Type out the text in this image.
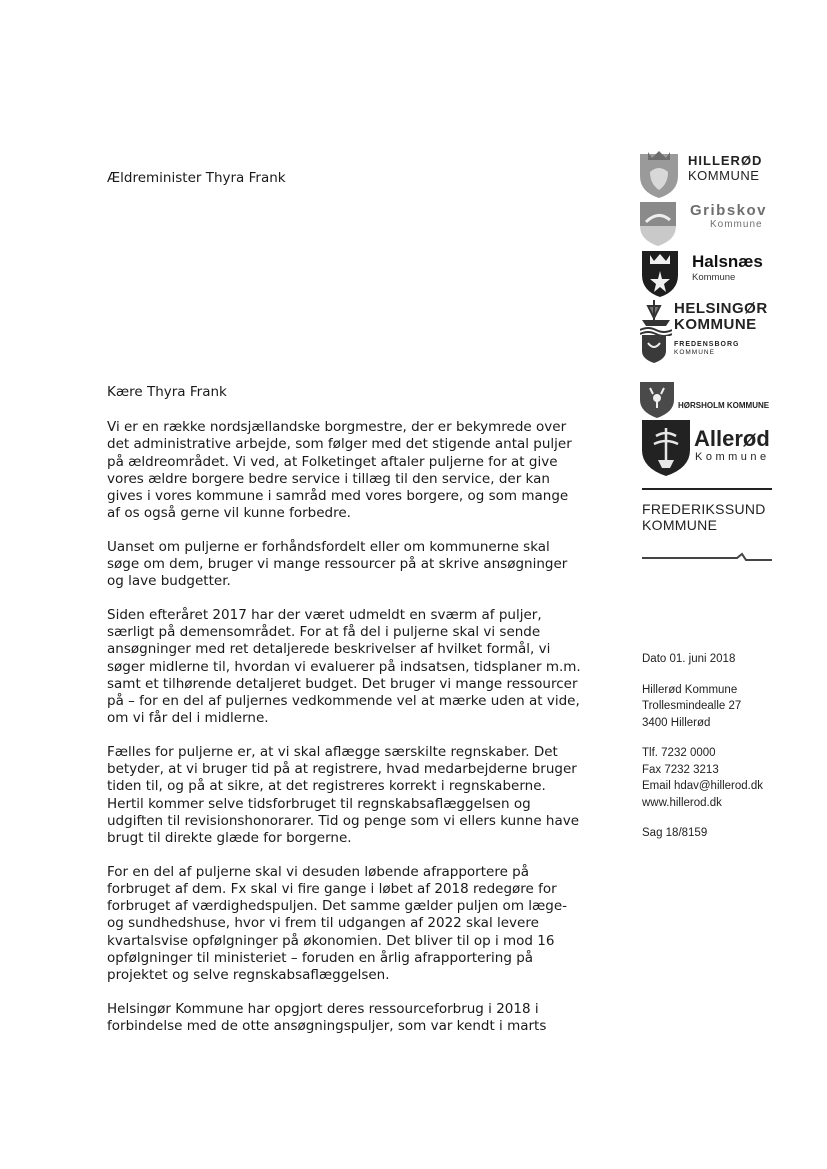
Ældreminister Thyra Frank
HILLERØD
KOMMUNE
Gribskov
Kommune
Halsnæs
Kommune
HELSINGØR
KOMMUNE
FREDENSBORG
KOMMUNE
HØRSHOLM KOMMUNE
Allerød
Kommune
FREDERIKSSUND
KOMMUNE
Kære Thyra Frank

Vi er en række nordsjællandske borgmestre, der er bekymrede over
det administrative arbejde, som følger med det stigende antal puljer
på ældreområdet. Vi ved, at Folketinget aftaler puljerne for at give
vores ældre borgere bedre service i tillæg til den service, der kan
gives i vores kommune i samråd med vores borgere, og som mange
af os også gerne vil kunne forbedre.

Uanset om puljerne er forhåndsfordelt eller om kommunerne skal
søge om dem, bruger vi mange ressourcer på at skrive ansøgninger
og lave budgetter.

Siden efteråret 2017 har der været udmeldt en sværm af puljer,
særligt på demensområdet. For at få del i puljerne skal vi sende
ansøgninger med ret detaljerede beskrivelser af hvilket formål, vi
søger midlerne til, hvordan vi evaluerer på indsatsen, tidsplaner m.m.
samt et tilhørende detaljeret budget. Det bruger vi mange ressourcer
på – for en del af puljernes vedkommende vel at mærke uden at vide,
om vi får del i midlerne.

Fælles for puljerne er, at vi skal aflægge særskilte regnskaber. Det
betyder, at vi bruger tid på at registrere, hvad medarbejderne bruger
tiden til, og på at sikre, at det registreres korrekt i regnskaberne.
Hertil kommer selve tidsforbruget til regnskabsaflæggelsen og
udgiften til revisionshonorarer. Tid og penge som vi ellers kunne have
brugt til direkte glæde for borgerne.

For en del af puljerne skal vi desuden løbende afrapportere på
forbruget af dem. Fx skal vi fire gange i løbet af 2018 redegøre for
forbruget af værdighedspuljen. Det samme gælder puljen om læge-
og sundhedshuse, hvor vi frem til udgangen af 2022 skal levere
kvartalsvise opfølgninger på økonomien. Det bliver til op i mod 16
opfølgninger til ministeriet – foruden en årlig afrapportering på
projektet og selve regnskabsaflæggelsen.

Helsingør Kommune har opgjort deres ressourceforbrug i 2018 i
forbindelse med de otte ansøgningspuljer, som var kendt i marts

Dato 01. juni 2018
Hillerød Kommune
Trollesmindealle 27
3400 Hillerød
Tlf. 7232 0000
Fax 7232 3213
Email hdav@hillerod.dk
www.hillerod.dk
Sag 18/8159
